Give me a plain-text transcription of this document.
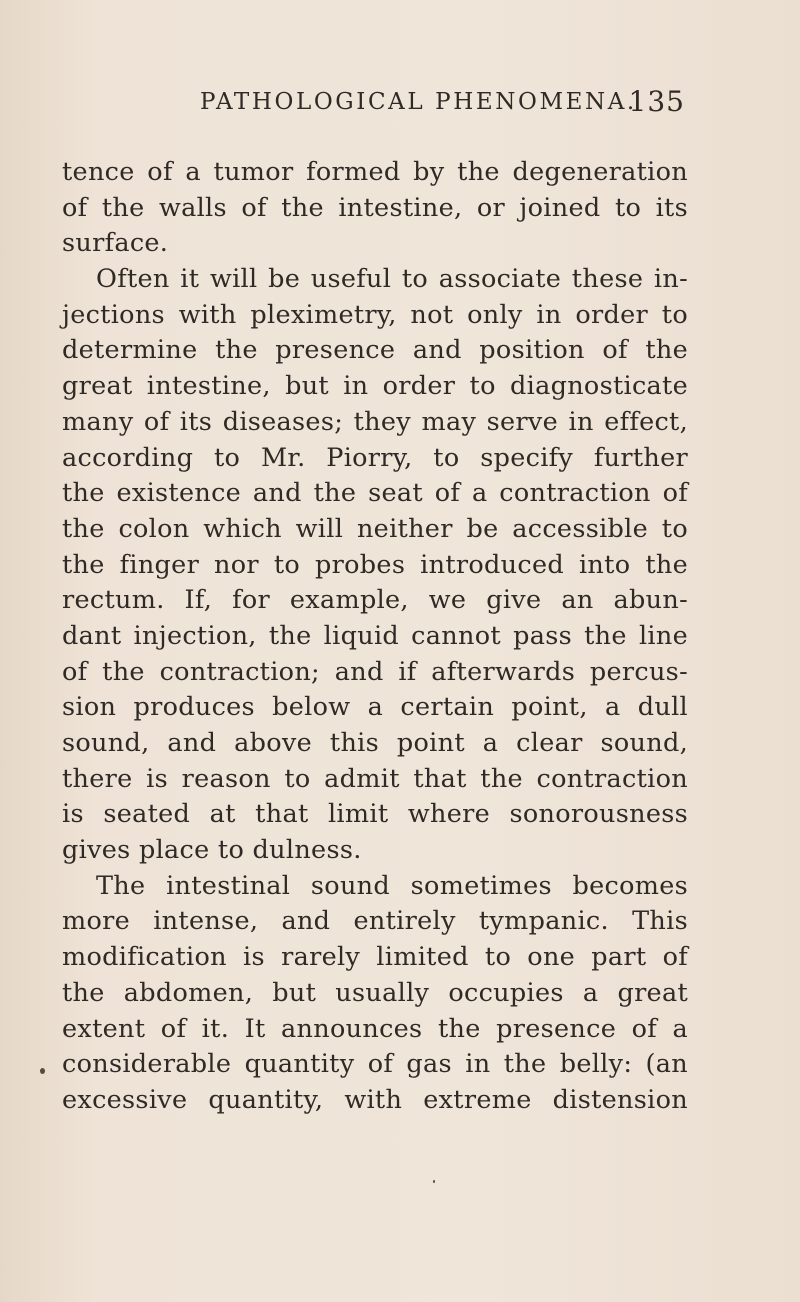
PATHOLOGICAL PHENOMENA.
135
tence of a tumor formed by the degeneration
of the walls of the intestine, or joined to its
surface.
Often it will be useful to associate these in-
jections with pleximetry, not only in order to
determine the presence and position of the
great intestine, but in order to diagnosticate
many of its diseases; they may serve in effect,
according to Mr. Piorry, to specify further
the existence and the seat of a contraction of
the colon which will neither be accessible to
the finger nor to probes introduced into the
rectum. If, for example, we give an abun-
dant injection, the liquid cannot pass the line
of the contraction; and if afterwards percus-
sion produces below a certain point, a dull
sound, and above this point a clear sound,
there is reason to admit that the contraction
is seated at that limit where sonorousness
gives place to dulness.
The intestinal sound sometimes becomes
more intense, and entirely tympanic. This
modification is rarely limited to one part of
the abdomen, but usually occupies a great
extent of it. It announces the presence of a
considerable quantity of gas in the belly: (an
excessive quantity, with extreme distension
